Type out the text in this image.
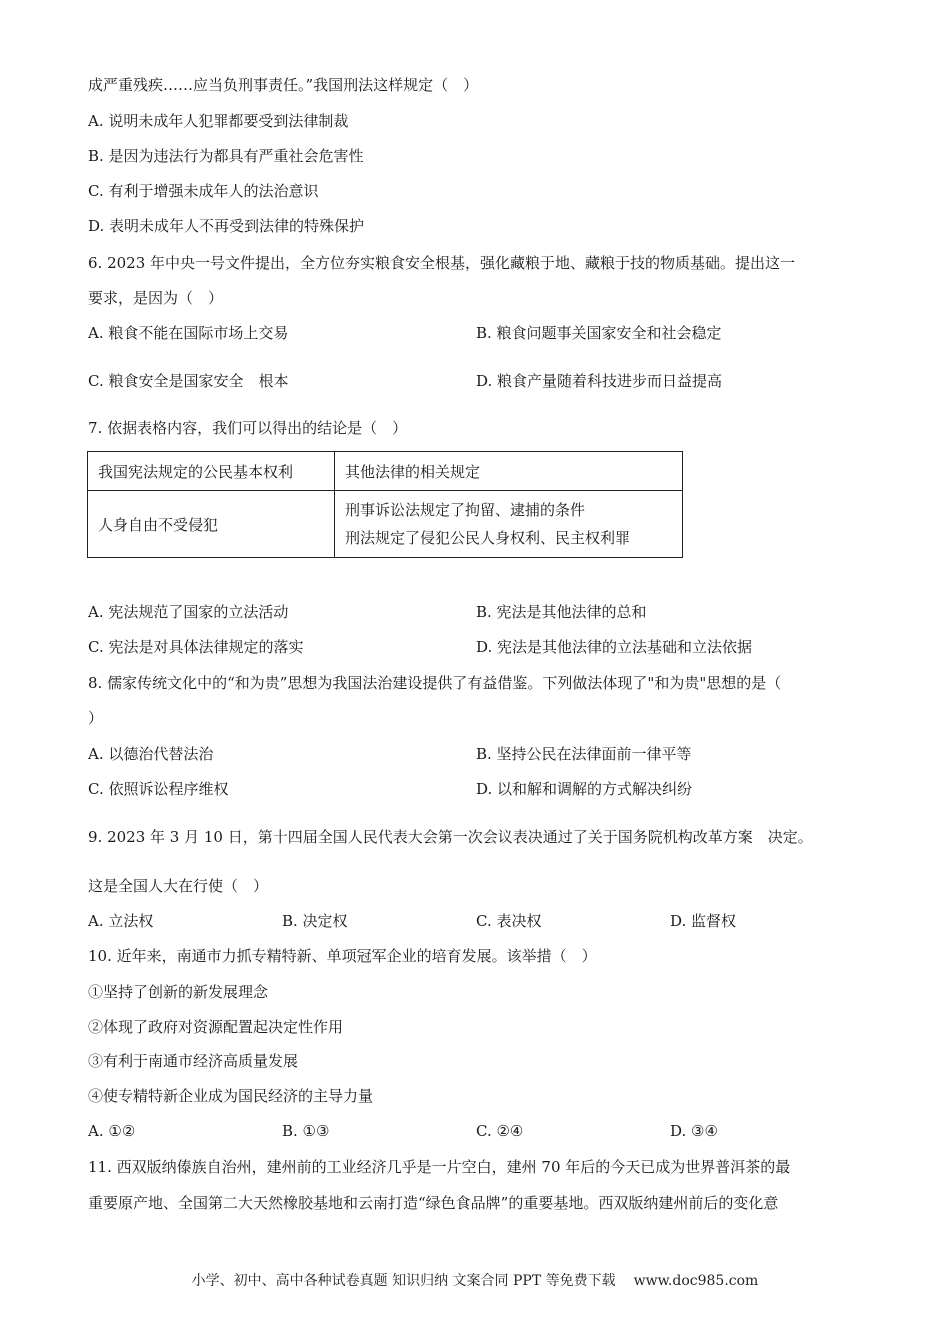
成严重残疾……应当负刑事责任。”我国刑法这样规定（　）
A. 说明未成年人犯罪都要受到法律制裁
B. 是因为违法行为都具有严重社会危害性
C. 有利于增强未成年人的法治意识
D. 表明未成年人不再受到法律的特殊保护
6. 2023 年中央一号文件提出，全方位夯实粮食安全根基，强化藏粮于地、藏粮于技的物质基础。提出这一
要求，是因为（　）
A. 粮食不能在国际市场上交易	B. 粮食问题事关国家安全和社会稳定
C. 粮食安全是国家安全　根本	D. 粮食产量随着科技进步而日益提高
7. 依据表格内容，我们可以得出的结论是（　）
我国宪法规定的公民基本权利	其他法律的相关规定
人身自由不受侵犯	刑事诉讼法规定了拘留、逮捕的条件
刑法规定了侵犯公民人身权利、民主权利罪
A. 宪法规范了国家的立法活动	B. 宪法是其他法律的总和
C. 宪法是对具体法律规定的落实	D. 宪法是其他法律的立法基础和立法依据
8. 儒家传统文化中的“和为贵”思想为我国法治建设提供了有益借鉴。下列做法体现了"和为贵"思想的是（
）
A. 以德治代替法治	B. 坚持公民在法律面前一律平等
C. 依照诉讼程序维权	D. 以和解和调解的方式解决纠纷
9. 2023 年 3 月 10 日，第十四届全国人民代表大会第一次会议表决通过了关于国务院机构改革方案　决定。
这是全国人大在行使（　）
A. 立法权	B. 决定权	C. 表决权	D. 监督权
10. 近年来，南通市力抓专精特新、单项冠军企业的培育发展。该举措（　）
①坚持了创新的新发展理念
②体现了政府对资源配置起决定性作用
③有利于南通市经济高质量发展
④使专精特新企业成为国民经济的主导力量
A. ①②	B. ①③	C. ②④	D. ③④
11. 西双版纳傣族自治州，建州前的工业经济几乎是一片空白，建州 70 年后的今天已成为世界普洱茶的最
重要原产地、全国第二大天然橡胶基地和云南打造“绿色食品牌”的重要基地。西双版纳建州前后的变化意
小学、初中、高中各种试卷真题 知识归纳 文案合同 PPT 等免费下载 www.doc985.com
